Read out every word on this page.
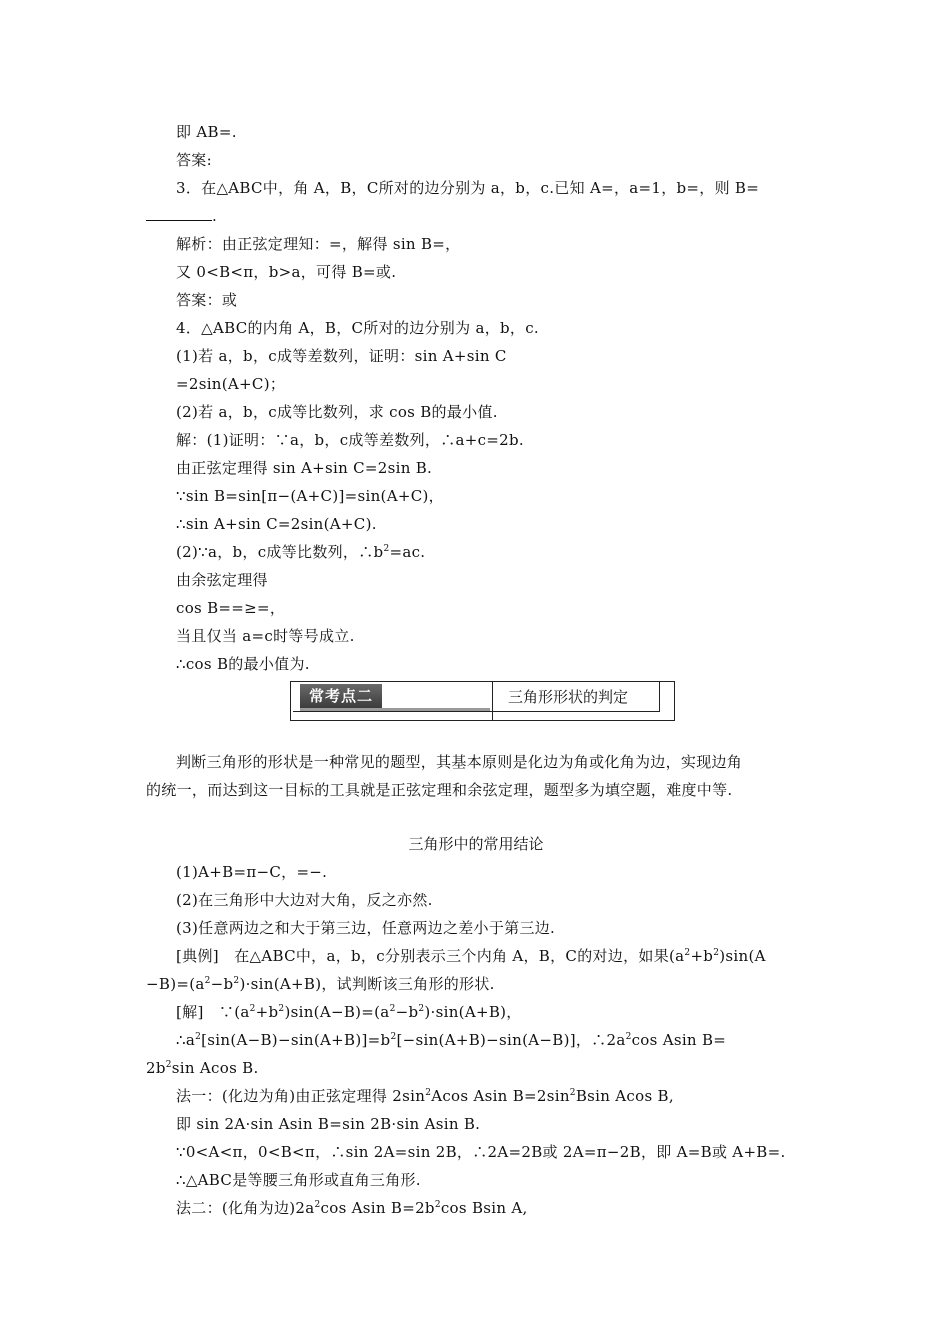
即 AB=.
答案:
3．在△ABC中，角 A，B，C所对的边分别为 a，b，c.已知 A=，a=1，b=，则 B=
.
解析：由正弦定理知：=，解得 sin B=，
又 0<B<π，b>a，可得 B=或.
答案：或
4．△ABC的内角 A，B，C所对的边分别为 a，b，c.
(1)若 a，b，c成等差数列，证明：sin A+sin C
=2sin(A+C)；
(2)若 a，b，c成等比数列，求 cos B的最小值.
解：(1)证明：∵a，b，c成等差数列，∴a+c=2b.
由正弦定理得 sin A+sin C=2sin B.
∵sin B=sin[π−(A+C)]=sin(A+C)，
∴sin A+sin C=2sin(A+C).
(2)∵a，b，c成等比数列，$\therefore b^2=ac$.
由余弦定理得
cos B==≥=，
当且仅当 a=c时等号成立.
∴cos B的最小值为.
常考点二	三角形形状的判定
判断三角形的形状是一种常见的题型，其基本原则是化边为角或化角为边，实现边角
的统一，而达到这一目标的工具就是正弦定理和余弦定理，题型多为填空题，难度中等.
三角形中的常用结论
(1)A+B=π−C，=−.
(2)在三角形中大边对大角，反之亦然.
(3)任意两边之和大于第三边，任意两边之差小于第三边.
[典例]　在△ABC中，a，b，c分别表示三个内角 A，B，C的对边，如果$(a^2+b^2)\sin(A$
$-B)=(a^2-b^2)\cdot\sin(A+B)$，试判断该三角形的形状.
[解]　$\because(a^2+b^2)\sin(A-B)=(a^2-b^2)\cdot\sin(A+B)$，
$\therefore a^2[\sin(A-B)-\sin(A+B)]=b^2[-\sin(A+B)-\sin(A-B)]$，$\therefore 2a^2\cos$ Asin B=
$2b^2\sin$ Acos B.
法一：(化边为角)由正弦定理得 $2\sin^2Acos$ Asin $B=2\sin^2Bsin$ Acos B,
即 sin 2A·sin Asin B=sin 2B·sin Asin B.
∵0<A<π，0<B<π，∴sin 2A=sin 2B，∴2A=2B或 2A=π−2B，即 A=B或 A+B=.
∴△ABC是等腰三角形或直角三角形.
法二：(化角为边)$2a^2\cos$ Asin $B=2b^2\cos$ Bsin A,
